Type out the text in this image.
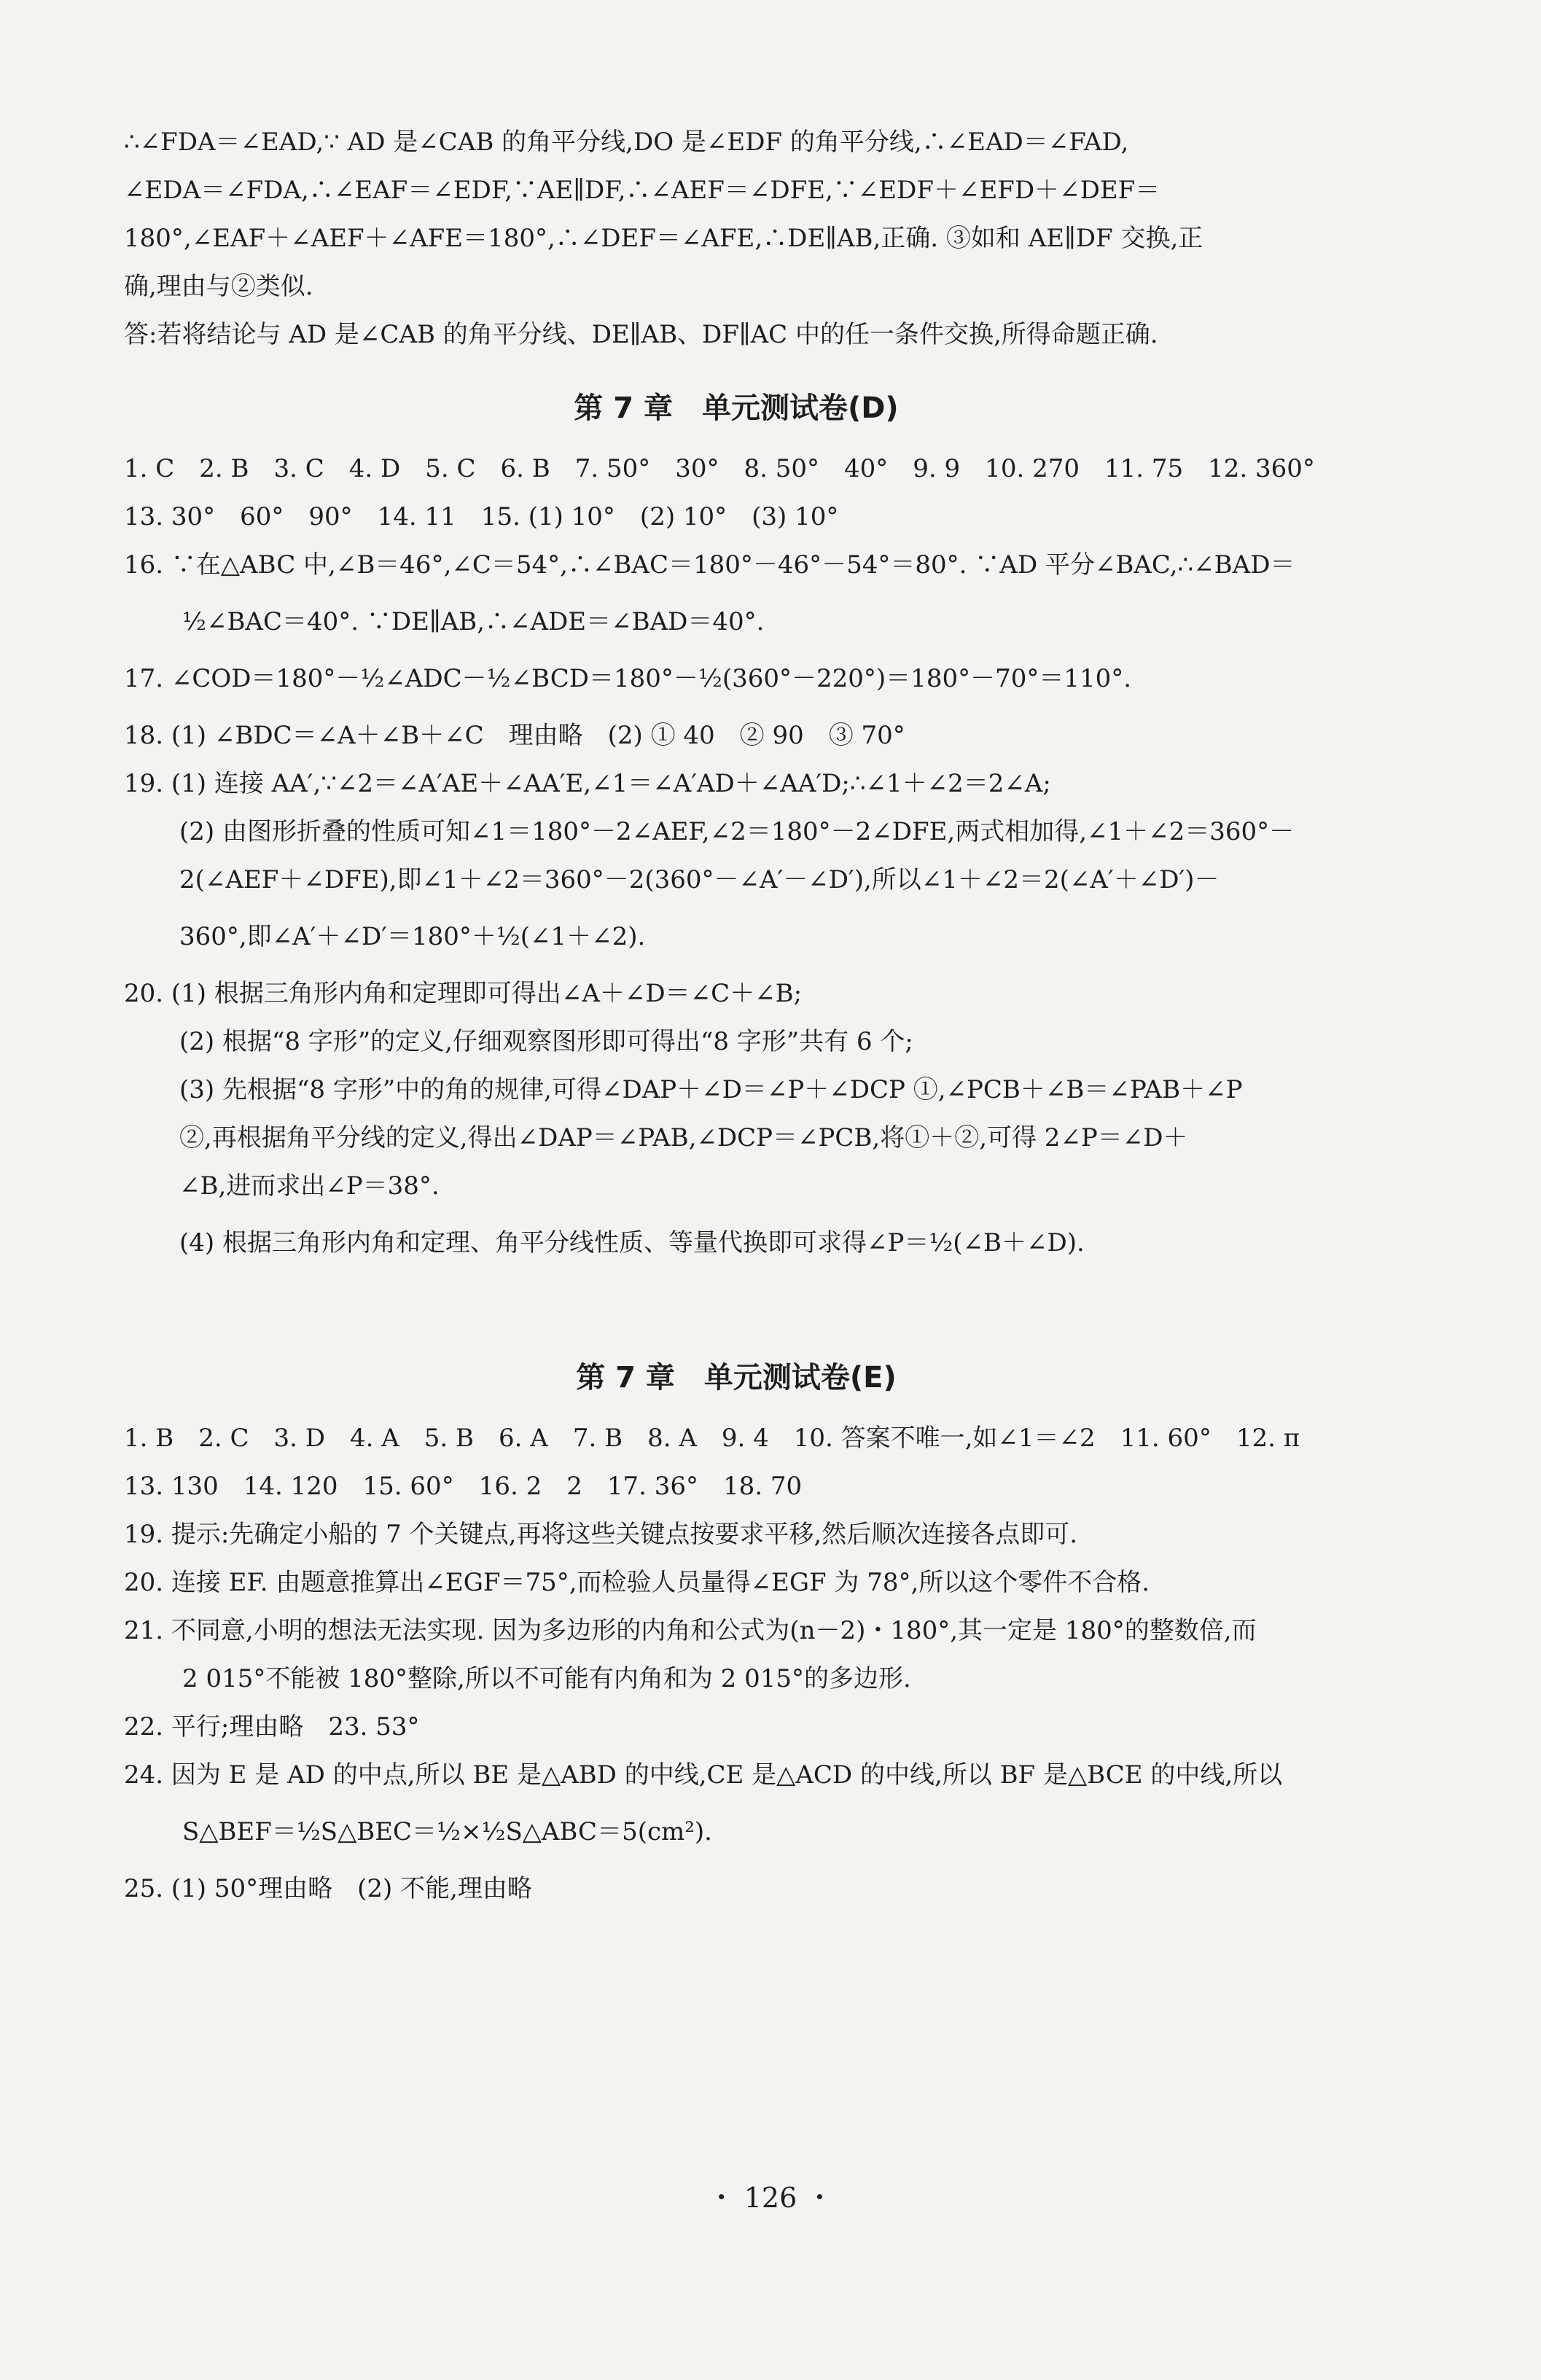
∴∠FDA＝∠EAD,∵ AD 是∠CAB 的角平分线,DO 是∠EDF 的角平分线,∴∠EAD＝∠FAD,

∠EDA＝∠FDA,∴∠EAF＝∠EDF,∵AE∥DF,∴∠AEF＝∠DFE,∵∠EDF＋∠EFD＋∠DEF＝

180°,∠EAF＋∠AEF＋∠AFE＝180°,∴∠DEF＝∠AFE,∴DE∥AB,正确. ③如和 AE∥DF 交换,正

确,理由与②类似.

答:若将结论与 AD 是∠CAB 的角平分线、DE∥AB、DF∥AC 中的任一条件交换,所得命题正确.

第 7 章　单元测试卷(D)

1. C　2. B　3. C　4. D　5. C　6. B　7. 50°　30°　8. 50°　40°　9. 9　10. 270　11. 75　12. 360°

13. 30°　60°　90°　14. 11　15. (1) 10°　(2) 10°　(3) 10°

16. ∵在△ABC 中,∠B＝46°,∠C＝54°,∴∠BAC＝180°－46°－54°＝80°. ∵AD 平分∠BAC,∴∠BAD＝

½∠BAC＝40°. ∵DE∥AB,∴∠ADE＝∠BAD＝40°.

17. ∠COD＝180°－½∠ADC－½∠BCD＝180°－½(360°－220°)＝180°－70°＝110°.

18. (1) ∠BDC＝∠A＋∠B＋∠C　理由略　(2) ① 40　② 90　③ 70°

19. (1) 连接 AA′,∵∠2＝∠A′AE＋∠AA′E,∠1＝∠A′AD＋∠AA′D;∴∠1＋∠2＝2∠A;

(2) 由图形折叠的性质可知∠1＝180°－2∠AEF,∠2＝180°－2∠DFE,两式相加得,∠1＋∠2＝360°－

2(∠AEF＋∠DFE),即∠1＋∠2＝360°－2(360°－∠A′－∠D′),所以∠1＋∠2＝2(∠A′＋∠D′)－

360°,即∠A′＋∠D′＝180°＋½(∠1＋∠2).

20. (1) 根据三角形内角和定理即可得出∠A＋∠D＝∠C＋∠B;

(2) 根据“8 字形”的定义,仔细观察图形即可得出“8 字形”共有 6 个;

(3) 先根据“8 字形”中的角的规律,可得∠DAP＋∠D＝∠P＋∠DCP ①,∠PCB＋∠B＝∠PAB＋∠P

②,再根据角平分线的定义,得出∠DAP＝∠PAB,∠DCP＝∠PCB,将①＋②,可得 2∠P＝∠D＋

∠B,进而求出∠P＝38°.

(4) 根据三角形内角和定理、角平分线性质、等量代换即可求得∠P＝½(∠B＋∠D).

第 7 章　单元测试卷(E)

1. B　2. C　3. D　4. A　5. B　6. A　7. B　8. A　9. 4　10. 答案不唯一,如∠1＝∠2　11. 60°　12. π

13. 130　14. 120　15. 60°　16. 2　2　17. 36°　18. 70

19. 提示:先确定小船的 7 个关键点,再将这些关键点按要求平移,然后顺次连接各点即可.

20. 连接 EF. 由题意推算出∠EGF＝75°,而检验人员量得∠EGF 为 78°,所以这个零件不合格.

21. 不同意,小明的想法无法实现. 因为多边形的内角和公式为(n－2)・180°,其一定是 180°的整数倍,而

2 015°不能被 180°整除,所以不可能有内角和为 2 015°的多边形.

22. 平行;理由略　23. 53°

24. 因为 E 是 AD 的中点,所以 BE 是△ABD 的中线,CE 是△ACD 的中线,所以 BF 是△BCE 的中线,所以

S△BEF＝½S△BEC＝½×½S△ABC＝5(cm²).

25. (1) 50°理由略　(2) 不能,理由略

・ 126 ・
